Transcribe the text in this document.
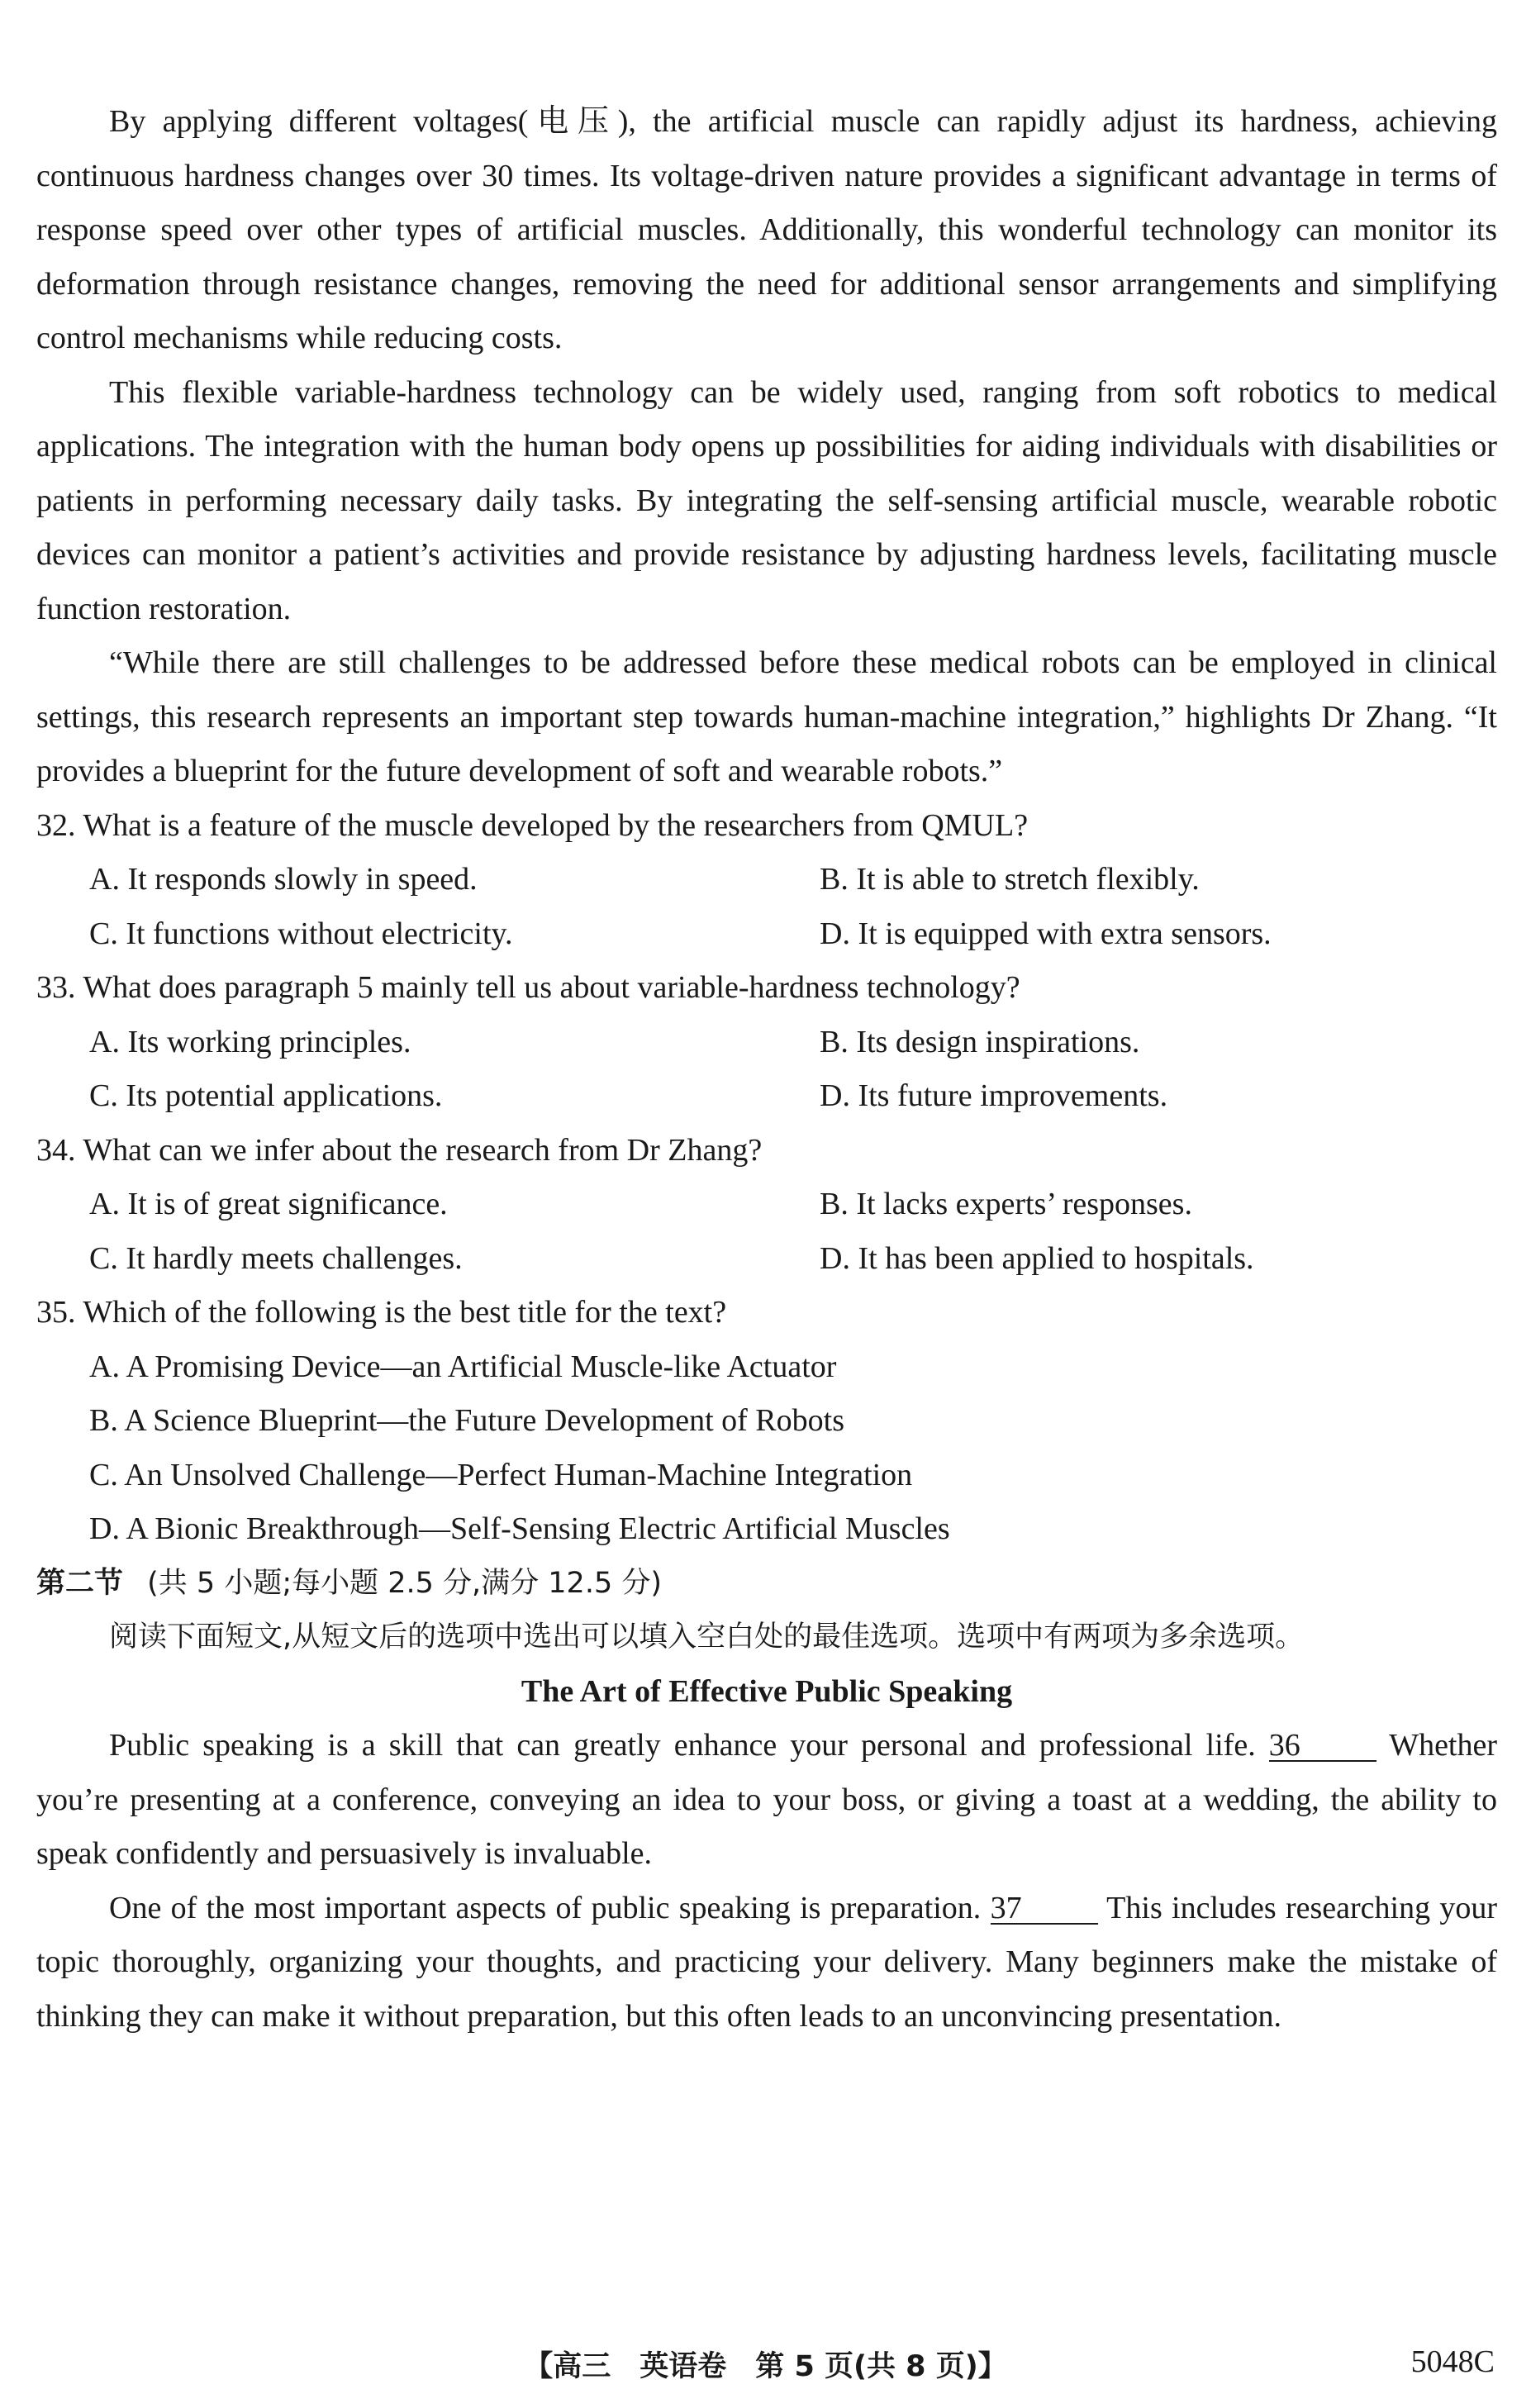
By applying different voltages(电压), the artificial muscle can rapidly adjust its hardness, achieving continuous hardness changes over 30 times. Its voltage-driven nature provides a significant advantage in terms of response speed over other types of artificial muscles. Additionally, this wonderful technology can monitor its deformation through resistance changes, removing the need for additional sensor arrangements and simplifying control mechanisms while reducing costs.

This flexible variable-hardness technology can be widely used, ranging from soft robotics to medical applications. The integration with the human body opens up possibilities for aiding individuals with disabilities or patients in performing necessary daily tasks. By integrating the self-sensing artificial muscle, wearable robotic devices can monitor a patient’s activities and provide resistance by adjusting hardness levels, facilitating muscle function restoration.

“While there are still challenges to be addressed before these medical robots can be employed in clinical settings, this research represents an important step towards human-machine integration,” highlights Dr Zhang. “It provides a blueprint for the future development of soft and wearable robots.”

32. What is a feature of the muscle developed by the researchers from QMUL?

A. It responds slowly in speed.	B. It is able to stretch flexibly.
C. It functions without electricity.	D. It is equipped with extra sensors.

33. What does paragraph 5 mainly tell us about variable-hardness technology?

A. Its working principles.	B. Its design inspirations.
C. Its potential applications.	D. Its future improvements.

34. What can we infer about the research from Dr Zhang?

A. It is of great significance.	B. It lacks experts’ responses.
C. It hardly meets challenges.	D. It has been applied to hospitals.

35. Which of the following is the best title for the text?

A. A Promising Device—an Artificial Muscle-like Actuator
B. A Science Blueprint—the Future Development of Robots
C. An Unsolved Challenge—Perfect Human-Machine Integration
D. A Bionic Breakthrough—Self-Sensing Electric Artificial Muscles

第二节 (共 5 小题;每小题 2.5 分,满分 12.5 分)

阅读下面短文,从短文后的选项中选出可以填入空白处的最佳选项。选项中有两项为多余选项。

The Art of Effective Public Speaking

Public speaking is a skill that can greatly enhance your personal and professional life. 36	Whether you’re presenting at a conference, conveying an idea to your boss, or giving a toast at a wedding, the ability to speak confidently and persuasively is invaluable.

One of the most important aspects of public speaking is preparation. 37	This includes researching your topic thoroughly, organizing your thoughts, and practicing your delivery. Many beginners make the mistake of thinking they can make it without preparation, but this often leads to an unconvincing presentation.

【高三　英语卷　第 5 页(共 8 页)】	5048C
